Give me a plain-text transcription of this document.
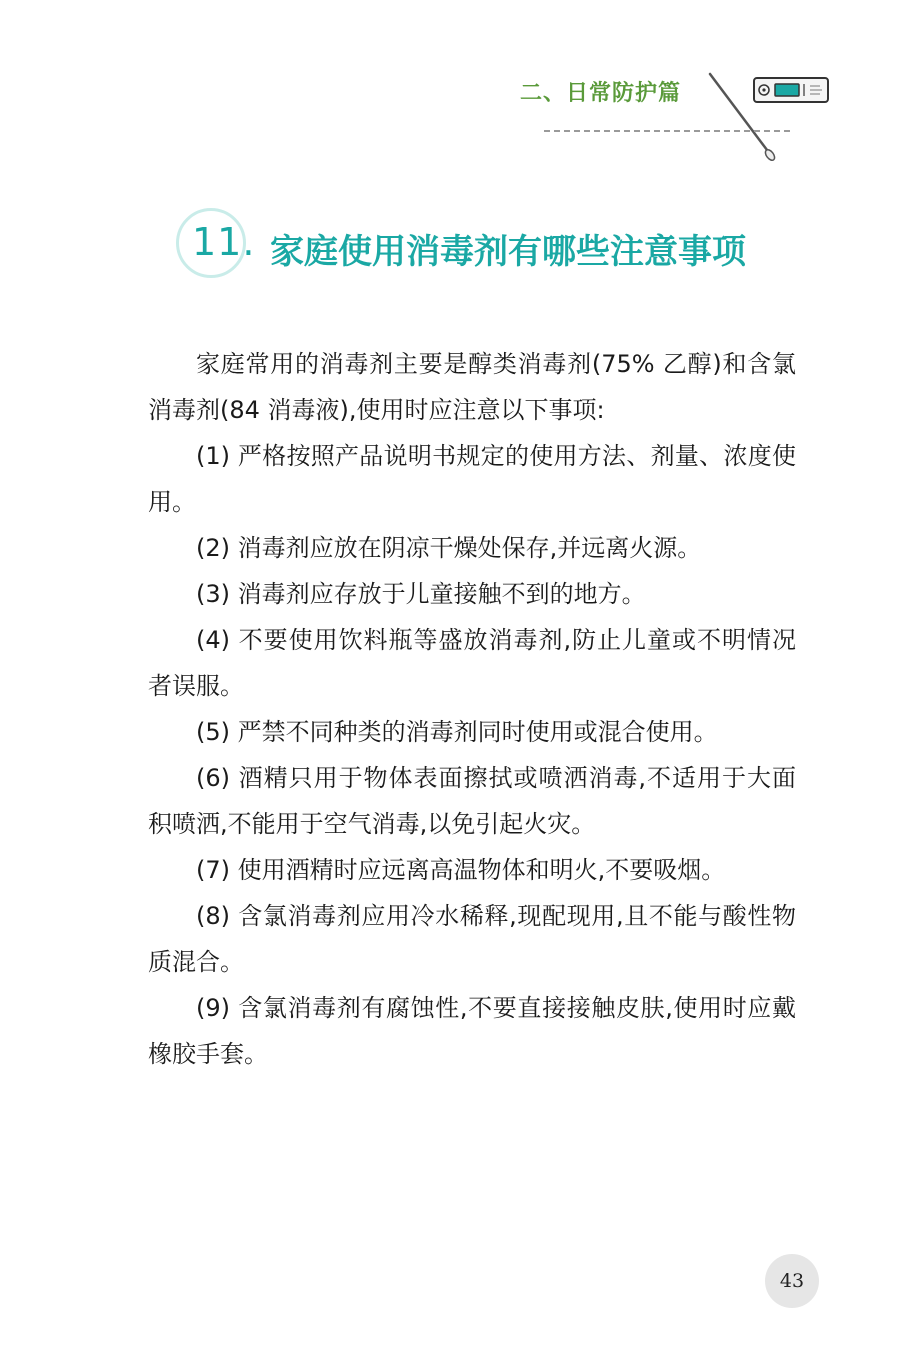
二、日常防护篇
11. 家庭使用消毒剂有哪些注意事项

家庭常用的消毒剂主要是醇类消毒剂(75% 乙醇)和含氯消毒剂(84 消毒液),使用时应注意以下事项:

(1) 严格按照产品说明书规定的使用方法、剂量、浓度使用。

(2) 消毒剂应放在阴凉干燥处保存,并远离火源。

(3) 消毒剂应存放于儿童接触不到的地方。

(4) 不要使用饮料瓶等盛放消毒剂,防止儿童或不明情况者误服。

(5) 严禁不同种类的消毒剂同时使用或混合使用。

(6) 酒精只用于物体表面擦拭或喷洒消毒,不适用于大面积喷洒,不能用于空气消毒,以免引起火灾。

(7) 使用酒精时应远离高温物体和明火,不要吸烟。

(8) 含氯消毒剂应用冷水稀释,现配现用,且不能与酸性物质混合。

(9) 含氯消毒剂有腐蚀性,不要直接接触皮肤,使用时应戴橡胶手套。

43
